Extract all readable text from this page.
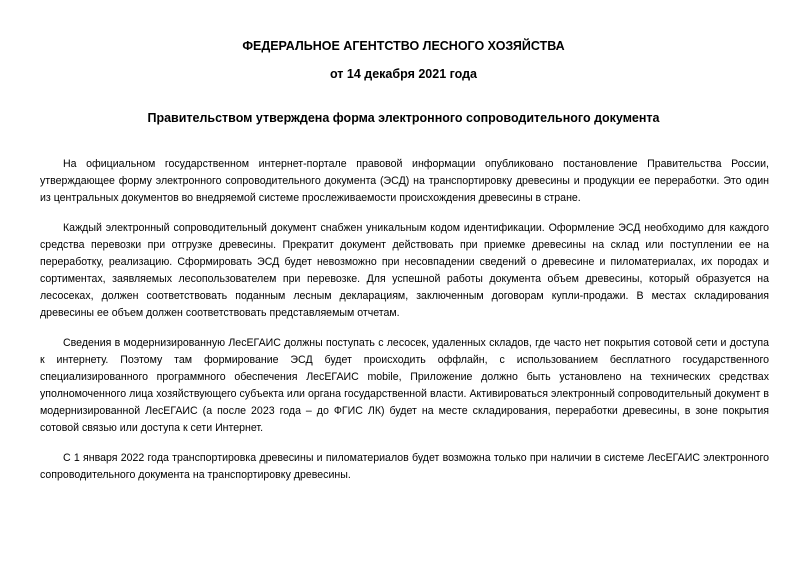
ФЕДЕРАЛЬНОЕ АГЕНТСТВО ЛЕСНОГО ХОЗЯЙСТВА
от 14 декабря 2021 года
Правительством утверждена форма электронного сопроводительного документа

На официальном государственном интернет-портале правовой информации опубликовано постановление Правительства России, утверждающее форму электронного сопроводительного документа (ЭСД) на транспортировку древесины и продукции ее переработки. Это один из центральных документов во внедряемой системе прослеживаемости происхождения древесины в стране.

Каждый электронный сопроводительный документ снабжен уникальным кодом идентификации. Оформление ЭСД необходимо для каждого средства перевозки при отгрузке древесины. Прекратит документ действовать при приемке древесины на склад или поступлении ее на переработку, реализацию. Сформировать ЭСД будет невозможно при несовпадении сведений о древесине и пиломатериалах, их породах и сортиментах, заявляемых лесопользователем при перевозке. Для успешной работы документа объем древесины, который образуется на лесосеках, должен соответствовать поданным лесным декларациям, заключенным договорам купли-продажи. В местах складирования древесины ее объем должен соответствовать представляемым отчетам.

Сведения в модернизированную ЛесЕГАИС должны поступать с лесосек, удаленных складов, где часто нет покрытия сотовой сети и доступа к интернету. Поэтому там формирование ЭСД будет происходить оффлайн, с использованием бесплатного государственного специализированного программного обеспечения ЛесЕГАИС mobile, Приложение должно быть установлено на технических средствах уполномоченного лица хозяйствующего субъекта или органа государственной власти. Активироваться электронный сопроводительный документ в модернизированной ЛесЕГАИС (а после 2023 года – до ФГИС ЛК) будет на месте складирования, переработки древесины, в зоне покрытия сотовой связью или доступа к сети Интернет.

С 1 января 2022 года транспортировка древесины и пиломатериалов будет возможна только при наличии в системе ЛесЕГАИС электронного сопроводительного документа на транспортировку древесины.
